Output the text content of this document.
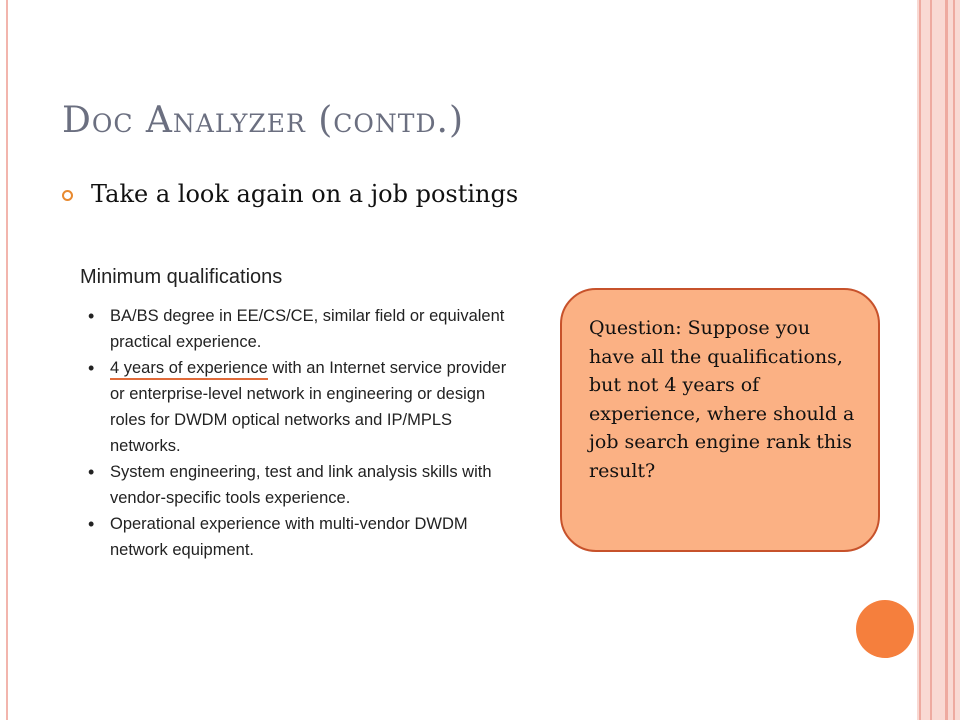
Doc Analyzer (contd.)
Take a look again on a job postings
Minimum qualifications
• BA/BS degree in EE/CS/CE, similar field or equivalent practical experience.
• 4 years of experience with an Internet service provider or enterprise-level network in engineering or design roles for DWDM optical networks and IP/MPLS networks.
• System engineering, test and link analysis skills with vendor-specific tools experience.
• Operational experience with multi-vendor DWDM network equipment.
Question: Suppose you have all the qualifications, but not 4 years of experience, where should a job search engine rank this result?
